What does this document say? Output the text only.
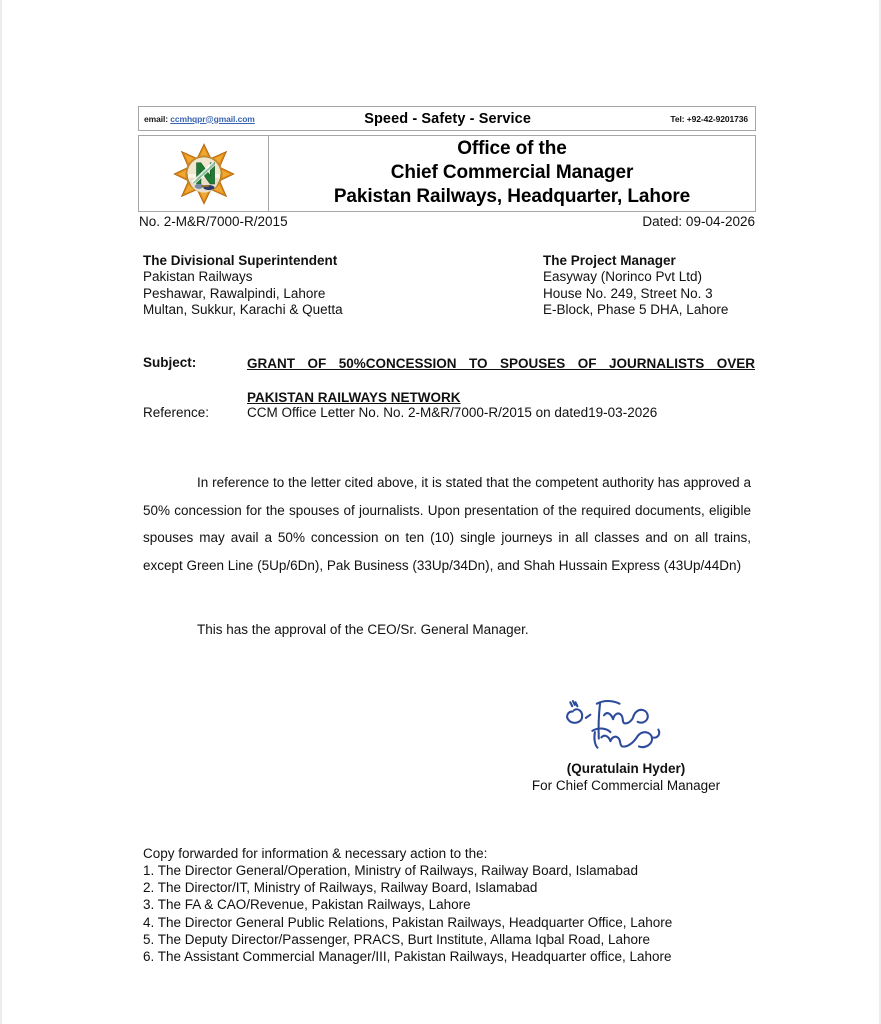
email: ccmhqpr@gmail.com	Speed - Safety - Service	Tel: +92-42-9201736
Office of the
Chief Commercial Manager
Pakistan Railways, Headquarter, Lahore
No. 2-M&R/7000-R/2015	Dated: 09-04-2026
The Divisional Superintendent
Pakistan Railways
Peshawar, Rawalpindi, Lahore
Multan, Sukkur, Karachi & Quetta
The Project Manager
Easyway (Norinco Pvt Ltd)
House No. 249, Street No. 3
E-Block, Phase 5 DHA, Lahore
Subject:	GRANT OF 50%CONCESSION TO SPOUSES OF JOURNALISTS OVER
PAKISTAN RAILWAYS NETWORK
Reference:	CCM Office Letter No. No. 2-M&R/7000-R/2015 on dated19-03-2026
In reference to the letter cited above, it is stated that the competent authority has approved a 50% concession for the spouses of journalists. Upon presentation of the required documents, eligible spouses may avail a 50% concession on ten (10) single journeys in all classes and on all trains, except Green Line (5Up/6Dn), Pak Business (33Up/34Dn), and Shah Hussain Express (43Up/44Dn)
This has the approval of the CEO/Sr. General Manager.
(Quratulain Hyder)
For Chief Commercial Manager
Copy forwarded for information & necessary action to the:
1. The Director General/Operation, Ministry of Railways, Railway Board, Islamabad
2. The Director/IT, Ministry of Railways, Railway Board, Islamabad
3. The FA & CAO/Revenue, Pakistan Railways, Lahore
4. The Director General Public Relations, Pakistan Railways, Headquarter Office, Lahore
5. The Deputy Director/Passenger, PRACS, Burt Institute, Allama Iqbal Road, Lahore
6. The Assistant Commercial Manager/III, Pakistan Railways, Headquarter office, Lahore
